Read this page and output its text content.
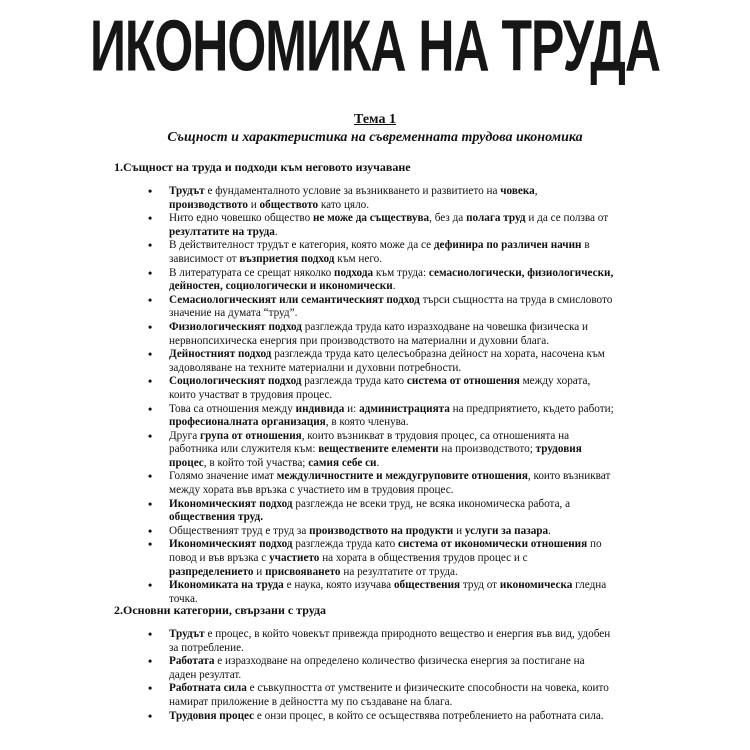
ИКОНОМИКА НА ТРУДА
Тема 1
Същност и характеристика на съвременната трудова икономика
1.Същност на труда и подходи към неговото изучаване
• Трудът е фундаменталното условие за възникването и развитието на човека, производството и обществото като цяло.
• Нито едно човешко общество не може да съществува, без да полага труд и да се ползва от резултатите на труда.
• В действителност трудът е категория, която може да се дефинира по различен начин в зависимост от възприетия подход към него.
• В литературата се срещат няколко подхода към труда: семасиологически, физиологически, дейностен, социологически и икономически.
• Семасиологическият или семантическият подход търси същността на труда в смисловото значение на думата “труд”.
• Физиологическият подход разглежда труда като изразходване на човешка физическа и нервнопсихическа енергия при производството на материални и духовни блага.
• Дейностният подход разглежда труда като целесъобразна дейност на хората, насочена към задоволяване на техните материални и духовни потребности.
• Социологическият подход разглежда труда като система от отношения между хората, които участват в трудовия процес.
• Това са отношения между индивида и: администрацията на предприятието, където работи; професионалната организация, в която членува.
• Друга група от отношения, които възникват в трудовия процес, са отношенията на работника или служителя към: веществените елементи на производството; трудовия процес, в който той участва; самия себе си.
• Голямо значение имат междуличностните и междугруповите отношения, които възникват между хората във връзка с участието им в трудовия процес.
• Икономическият подход разглежда не всеки труд, не всяка икономическа работа, а обществения труд.
• Общественият труд е труд за производството на продукти и услуги за пазара.
• Икономическият подход разглежда труда като система от икономически отношения по повод и във връзка с участието на хората в обществения трудов процес и с разпределението и присвояването на резултатите от труда.
• Икономиката на труда е наука, която изучава обществения труд от икономическа гледна точка.
2.Основни категории, свързани с труда
• Трудът е процес, в който човекът привежда природното вещество и енергия във вид, удобен за потребление.
• Работата е изразходване на определено количество физическа енергия за постигане на даден резултат.
• Работната сила е съвкупността от умствените и физическите способности на човека, които намират приложение в дейността му по създаване на блага.
• Трудовия процес е онзи процес, в който се осъществява потреблението на работната сила.
